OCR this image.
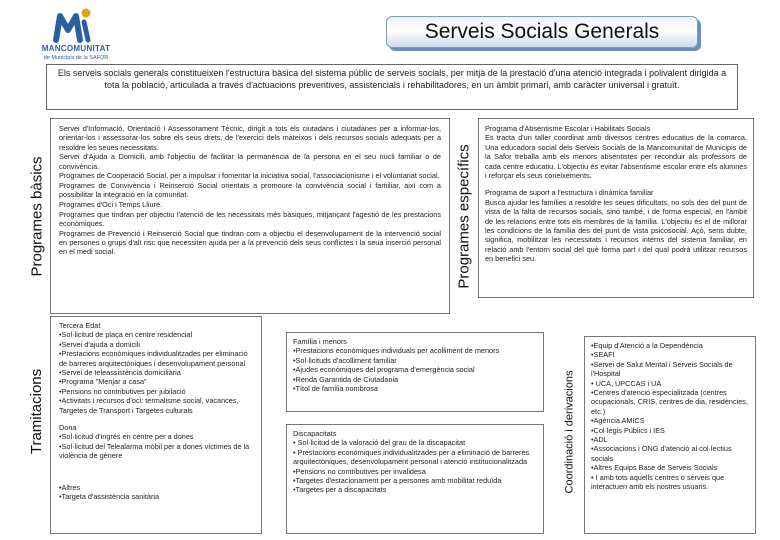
MANCOMUNITAT
de Municipis de la SAFOR
Serveis Socials Generals
Els serveis socials generals constitueixen l'estructura bàsica del sistema públic de serveis socials, per mitjà de la prestació d'una atenció integrada i polivalent dirigida a tota la població, articulada a través d'actuacions preventives, assistencials i rehabilitadores, en un àmbit primari, amb caràcter universal i gratuït.
Programes bàsics	Programes específics
Tramitacions	Coordinació i derivacions

Servei d'Informació, Orientació i Assessorament Tècnic, dirigit a tots els ciutadans i ciutadanes per a informar-los, orientar-los i assessorar-los sobre els seus drets, de l'exercici dels mateixos i dels recursos socials adequats per a resoldre les seues necessitats.

Servei d'Ajuda a Domicili, amb l'objectiu de facilitar la permanència de la persona en el seu nucli familiar o de convivència.

Programes de Cooperació Social, per a impulsar i fomentar la iniciativa social, l'associacionisme i el voluntariat social.

Programes de Convivència i Reinserció Social orientats a promoure la convivència social i familiar, així com a possibilitar la integració en la comunitat.

Programes d'Oci i Temps Lliure.

Programes que tindran per objectiu l'atenció de les necessitats més bàsiques, mitjançant l'agestió de les prestacions econòmiques.

Programes de Prevenció i Reinserció Social que tindran com a objectiu el desenvolupament de la intervenció social en persones o grups d'alt risc que necessiten ajuda per a la prevenció dels seus conflictes i la seua inserció personal en el medi social.

Programa d'Absentisme Escolar i Habilitats Socials

Es tracta d'un taller coordinat amb diversos centres educatius de la comarca. Una educadora social dels Serveis Socials de la Mancomunitat de Municipis de la Safor treballa amb els menors absentistes per reconduir als professors de cada centre educatiu. L'objectiu és evitar l'absentisme escolar entre els alumnes i reforçar els seus coneixements.

Programa de suport a l'estructura i dinàmica familiar

Busca ajudar les famílies a resoldre les seues dificultats, no sols des del punt de vista de la falta de recursos socials, sinó també, i de forma especial, en l'àmbit de les relacions entre tots els membres de la família. L'objectiu és el de millorar les condicions de la família des del punt de vista psicosocial. Açò, sens dubte, significa, mobilitzar les necessitats i recursos interns del sistema familiar, en relació amb l'entorn social del què forma part i del qual podrà utilitzar recursos en benefici seu.

Tercera Edat
•Sol·licitud de plaça en centre residencial
•Servei d'ajuda a domicili
•Prestacions econòmiques individualitzades per eliminació de barreres arquitectòniques i desenvolupament personal
•Servei de teleassistència domiciliària
•Programa "Menjar a casa"
•Pensions no contributives per jubilació
•Activitats i recursos d'oci: termalisme social, vacances, Targetes de Transport i Targetes culturals
Dona
•Sol·licitud d'ingrés en centre per a dones
•Sol·licitud del Telealarma mòbil per a dones víctimes de la violència de gènere
•Altres
•Targeta d'assistència sanitària
Família i menors
•Prestacions econòmiques individuals per acolliment de menors
•Sol·licituds d'acolliment familiar
•Ajudes econòmiques del programa d'emergència social
•Renda Garantida de Ciutadania
•Títol de família nombrosa
Discapacitats
• Sol·licitud de la valoració del grau de la discapacitat
• Prestacions econòmiques individualitzades per a eliminació de barreres arquitectòniques, desenvolupament personal i atenció institucionalitzada
•Pensions no contributives per invalidesa
•Targetes d'estacionament per a persones amb mobilitat reduïda
•Targetes per a discapacitats
•Equip d'Atenció a la Dependència
•SEAFI
•Servei de Salut Mental i Serveis Socials de l'Hospital
• UCA, UPCCAS i UA
•Centres d'atenció especialitzada (centres ocupacionals, CRIS, centres de dia, residències, etc.)
•Agència AMICS
•Col·legis Públics i IES
•ADL
•Associacions i ONG d'atenció al col·lectius socials
•Altres Equips Base de Serveis Socials
• I amb tots aquells centres o serveis que interactuen amb els nostres usuaris.
